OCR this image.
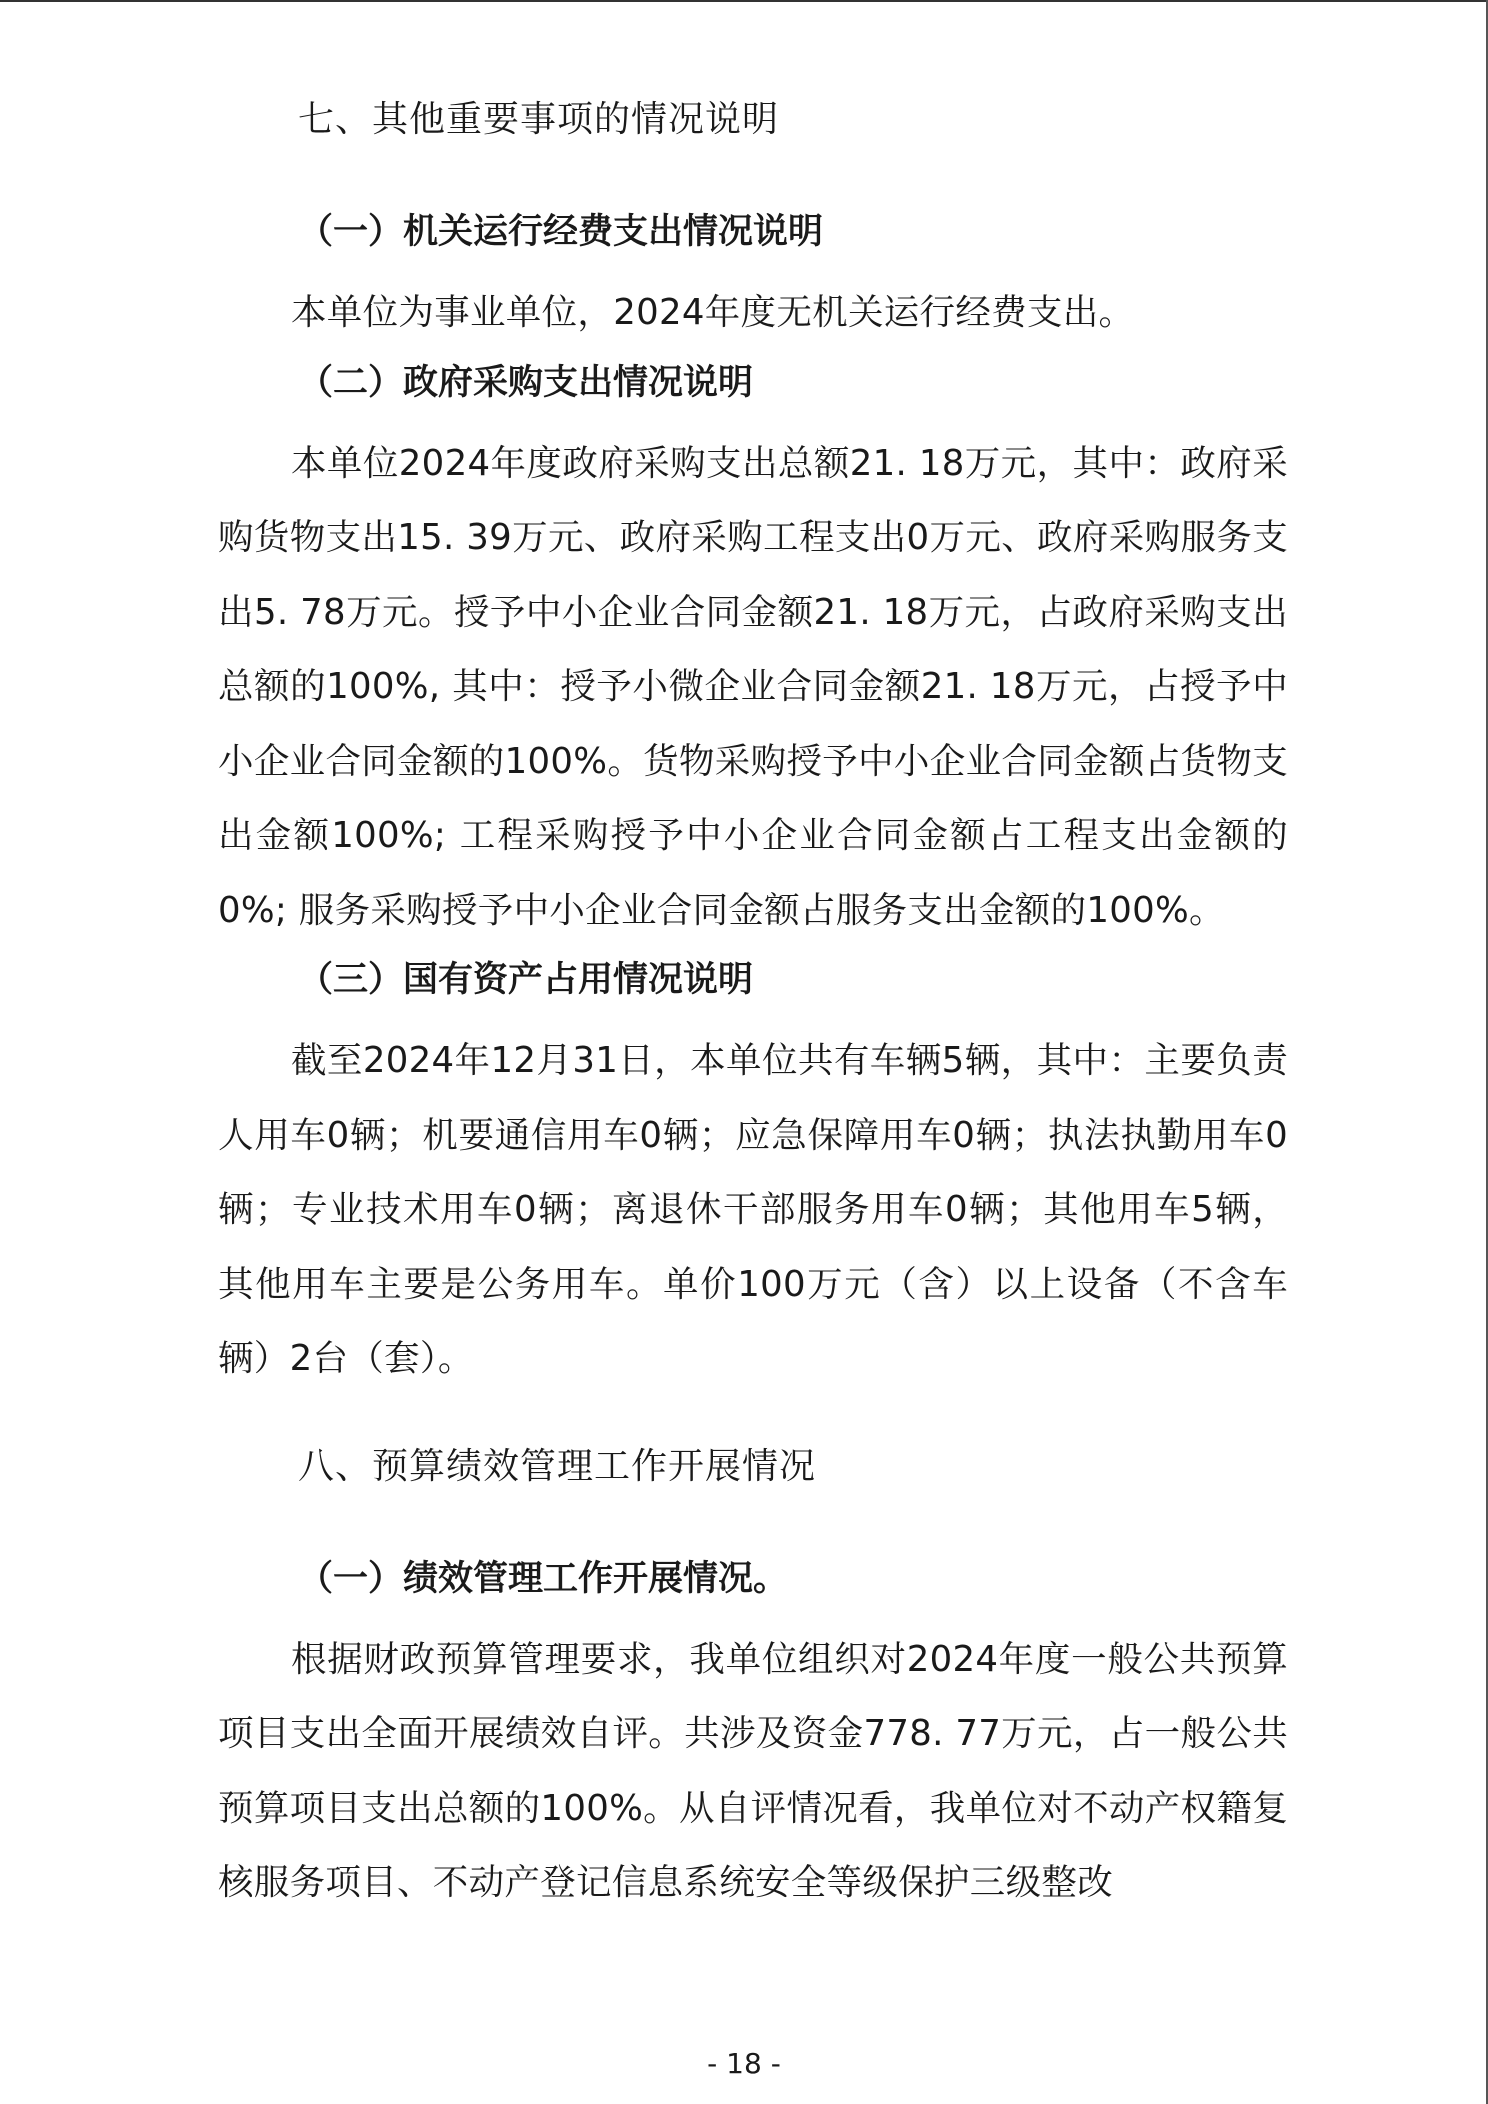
七、其他重要事项的情况说明
（一）机关运行经费支出情况说明

本单位为事业单位，2024年度无机关运行经费支出。

（二）政府采购支出情况说明

本单位2024年度政府采购支出总额21. 18万元，其中：政府采购货物支出15. 39万元、政府采购工程支出0万元、政府采购服务支出5. 78万元。授予中小企业合同金额21. 18万元，占政府采购支出总额的100%, 其中：授予小微企业合同金额21. 18万元，占授予中小企业合同金额的100%。货物采购授予中小企业合同金额占货物支出金额100%; 工程采购授予中小企业合同金额占工程支出金额的0%; 服务采购授予中小企业合同金额占服务支出金额的100%。

（三）国有资产占用情况说明

截至2024年12月31日，本单位共有车辆5辆，其中：主要负责人用车0辆；机要通信用车0辆；应急保障用车0辆；执法执勤用车0辆；专业技术用车0辆；离退休干部服务用车0辆；其他用车5辆，其他用车主要是公务用车。单价100万元（含）以上设备（不含车辆）2台（套）。

八、预算绩效管理工作开展情况
（一）绩效管理工作开展情况。

根据财政预算管理要求，我单位组织对2024年度一般公共预算项目支出全面开展绩效自评。共涉及资金778. 77万元，占一般公共预算项目支出总额的100%。从自评情况看，我单位对不动产权籍复核服务项目、不动产登记信息系统安全等级保护三级整改

- 18 -
